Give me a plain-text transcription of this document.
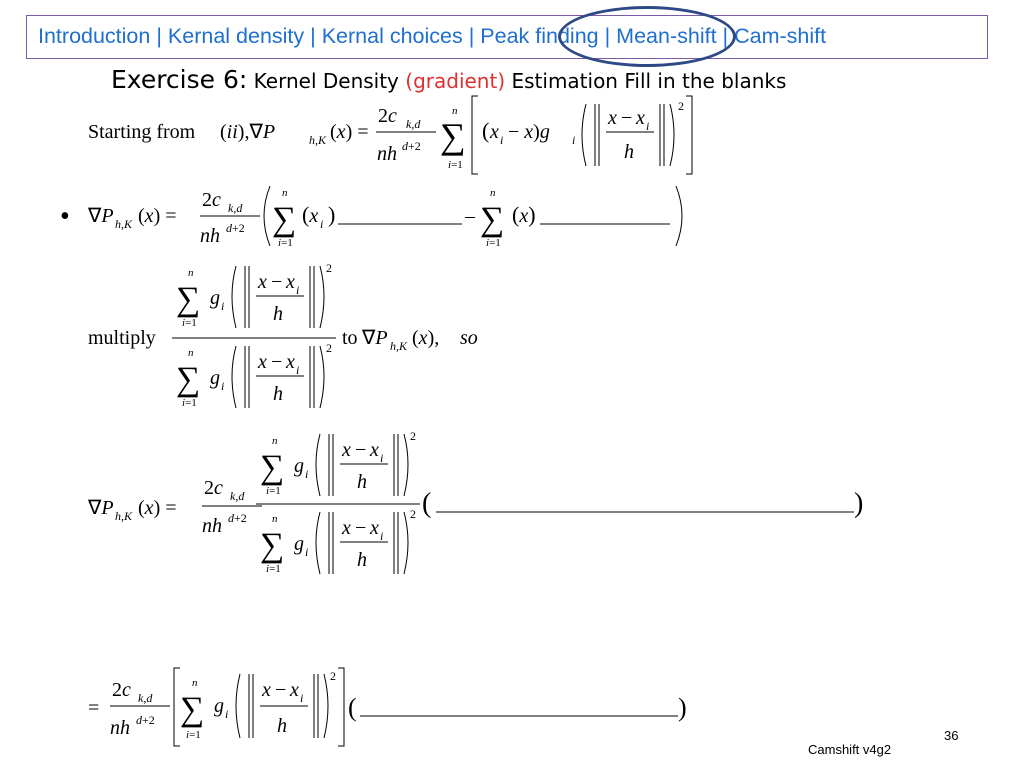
Introduction | Kernal density | Kernal choices | Peak finding | Mean-shift | Cam-shift
Exercise 6: Kernel Density (gradient) Estimation Fill in the blanks
Starting from (ii),∇P	h,K (x) =
2c k,d
nh d+2
n
∑
i=1
( x i − x)g i
x − x i
h
2
• ∇P h,K (x) =
2c k,d
nh d+2
n
∑
i=1
(x i )	–
n
∑
i=1
(x)
multiply
n
∑
i=1
g i
x − x i
h
2
n
∑
i=1
g i
x − x i
h
2 to ∇P h,K (x), so
∇P h,K (x) =
2c k,d
nh d+2
n
∑
i=1
g i
x − x i
h
2
n
∑
i=1
g i
x − x i
h
2 (	)
=
2c k,d
nh d+2
n
∑
i=1
g i
x − x i
h
2
(	)
36
Camshift v4g2
